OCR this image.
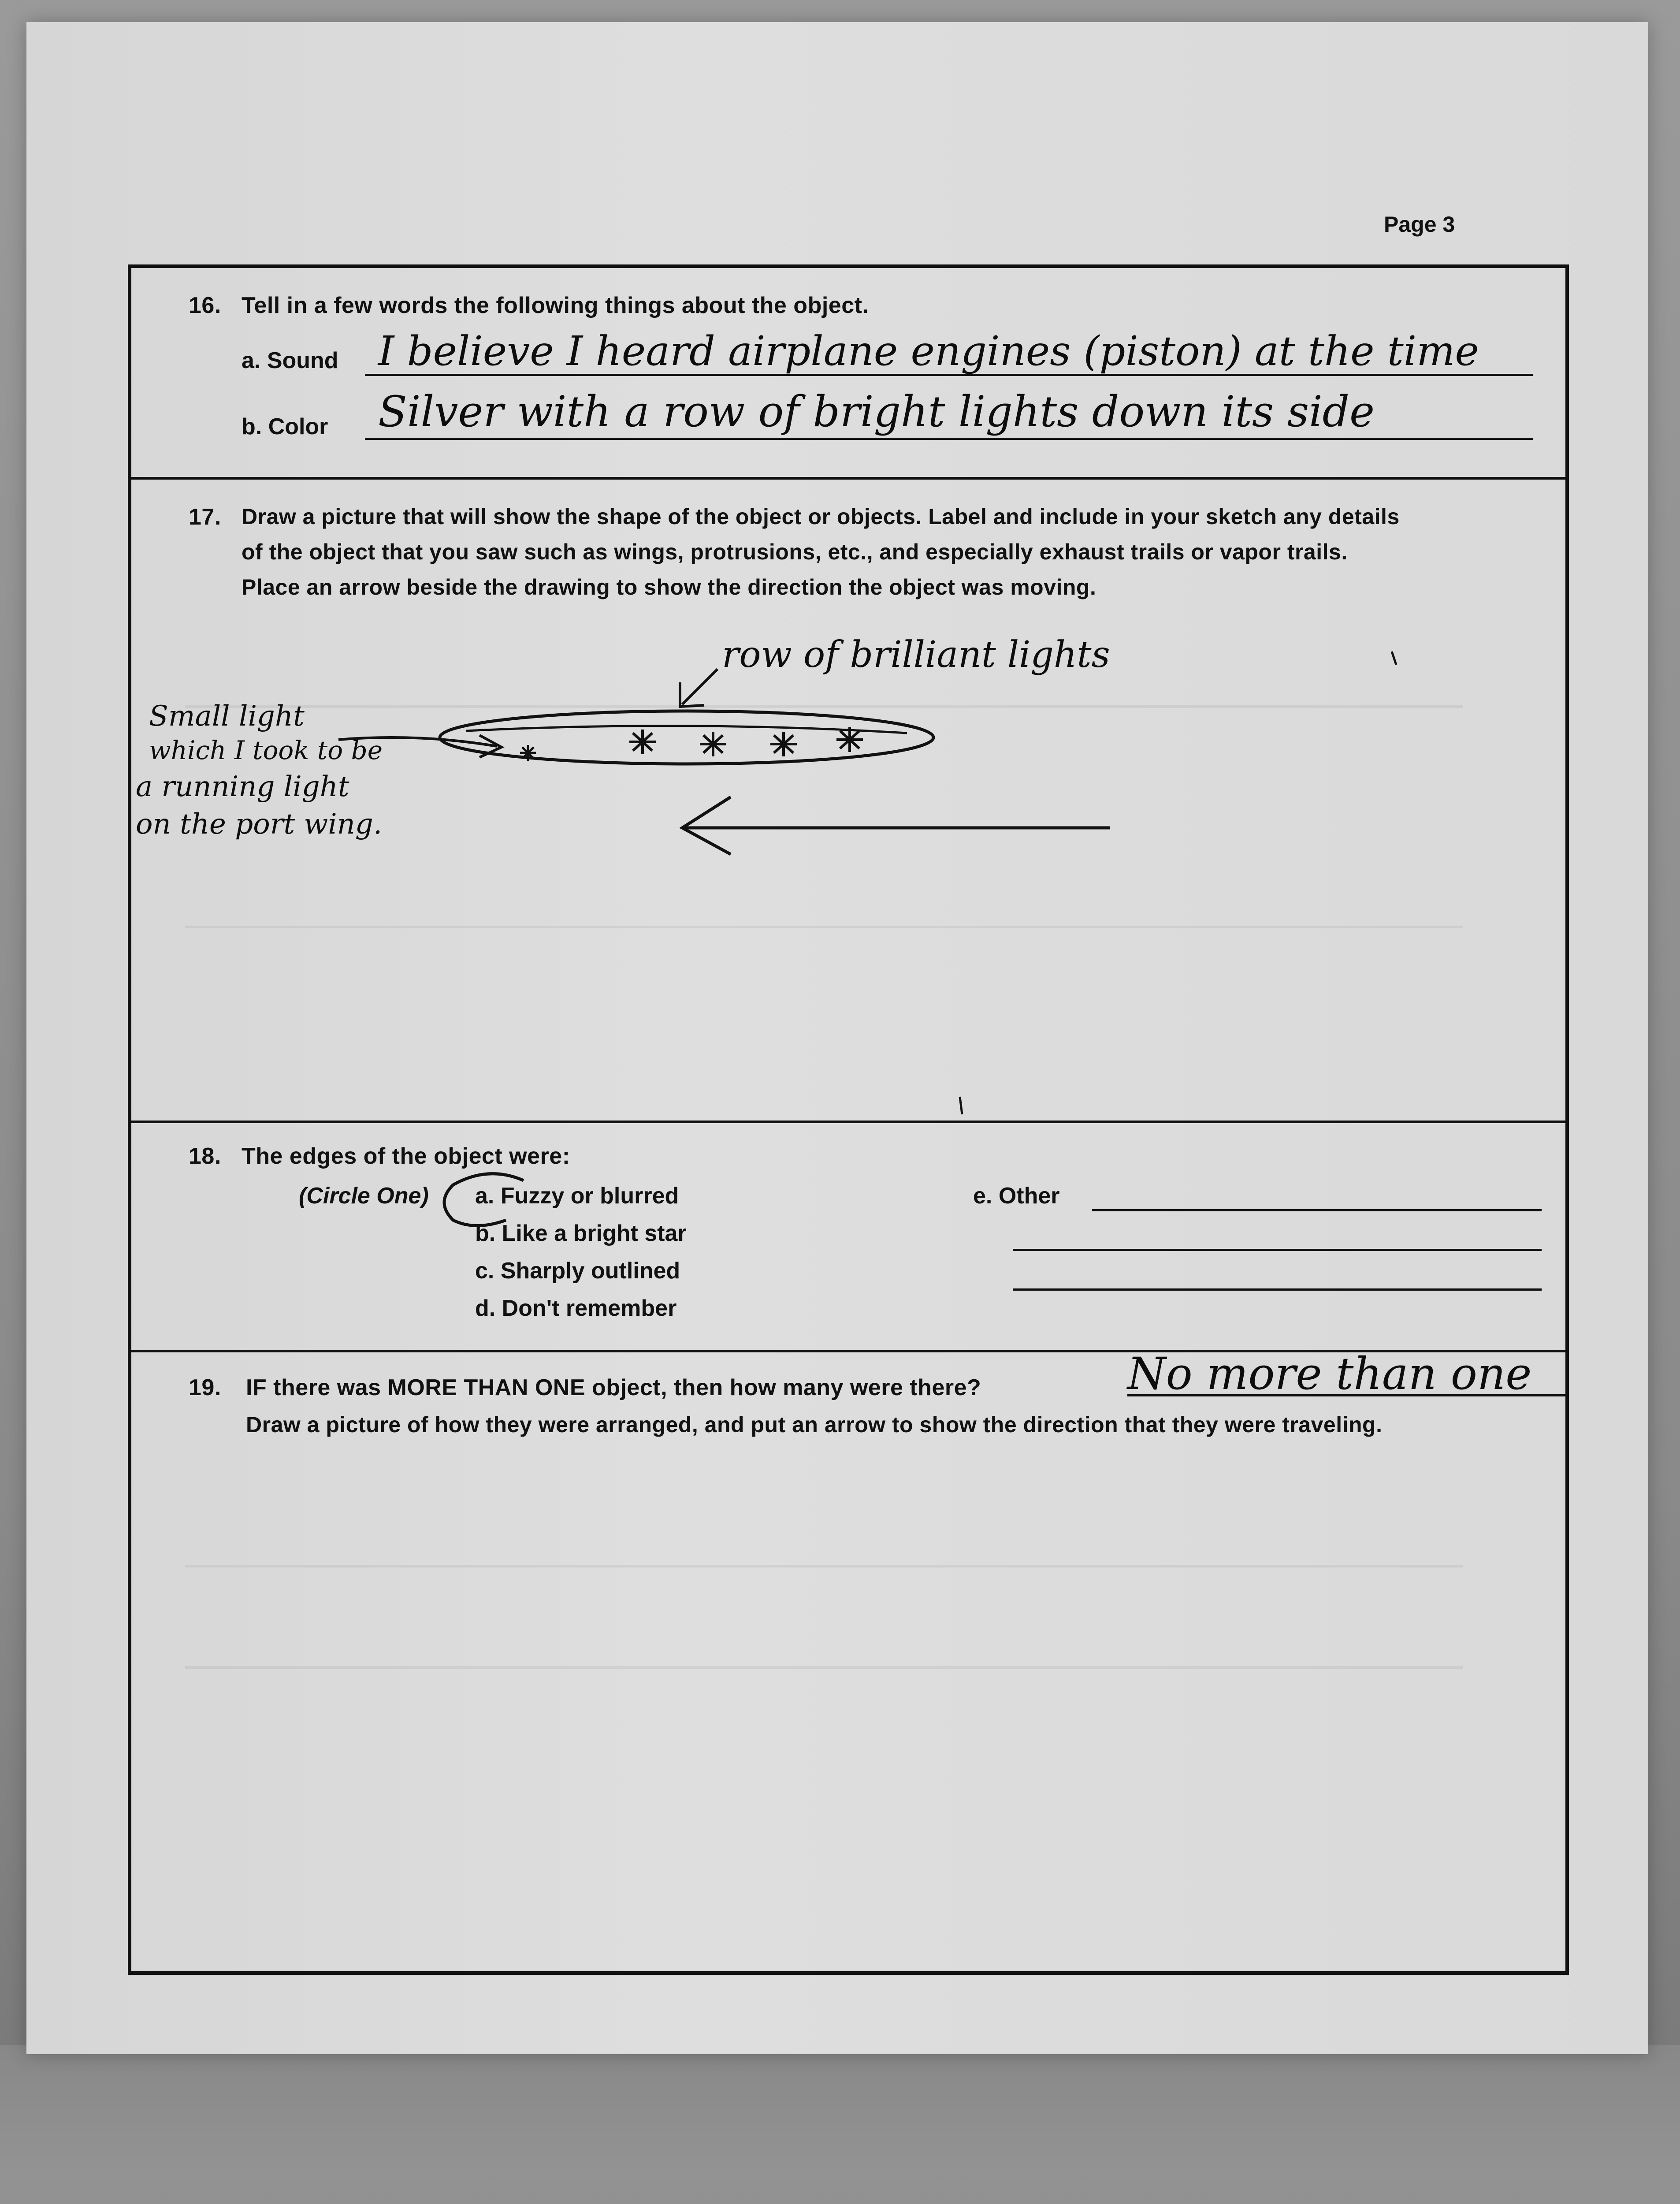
Page 3
16. Tell in a few words the following things about the object.
a. Sound I believe I heard airplane engines (piston) at the time
b. Color Silver with a row of bright lights down its side
17. Draw a picture that will show the shape of the object or objects. Label and include in your sketch any details
of the object that you saw such as wings, protrusions, etc., and especially exhaust trails or vapor trails.
Place an arrow beside the drawing to show the direction the object was moving.
row of brilliant lights
Small light
which I took to be
a running light
on the port wing.
18. The edges of the object were:
(Circle One) a. Fuzzy or blurred
b. Like a bright star
c. Sharply outlined
d. Don't remember
e. Other
19. IF there was MORE THAN ONE object, then how many were there?	No more than one
Draw a picture of how they were arranged, and put an arrow to show the direction that they were traveling.
